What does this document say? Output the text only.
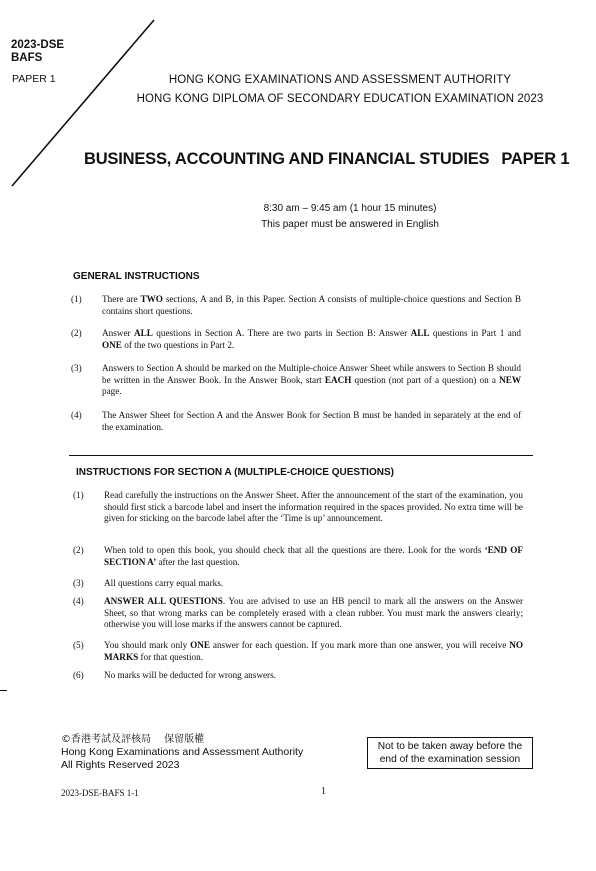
2023-DSE
BAFS
PAPER 1	HONG KONG EXAMINATIONS AND ASSESSMENT AUTHORITY
HONG KONG DIPLOMA OF SECONDARY EDUCATION EXAMINATION 2023
BUSINESS, ACCOUNTING AND FINANCIAL STUDIES PAPER 1
8:30 am – 9:45 am (1 hour 15 minutes)
This paper must be answered in English
GENERAL INSTRUCTIONS
(1) There are TWO sections, A and B, in this Paper. Section A consists of multiple-choice questions and Section B contains short questions.
(2) Answer ALL questions in Section A. There are two parts in Section B: Answer ALL questions in Part 1 and ONE of the two questions in Part 2.
(3) Answers to Section A should be marked on the Multiple-choice Answer Sheet while answers to Section B should be written in the Answer Book. In the Answer Book, start EACH question (not part of a question) on a NEW page.
(4) The Answer Sheet for Section A and the Answer Book for Section B must be handed in separately at the end of the examination.
INSTRUCTIONS FOR SECTION A (MULTIPLE-CHOICE QUESTIONS)
(1) Read carefully the instructions on the Answer Sheet. After the announcement of the start of the examination, you should first stick a barcode label and insert the information required in the spaces provided. No extra time will be given for sticking on the barcode label after the ‘Time is up’ announcement.
(2) When told to open this book, you should check that all the questions are there. Look for the words ‘END OF SECTION A’ after the last question.
(3) All questions carry equal marks.
(4) ANSWER ALL QUESTIONS. You are advised to use an HB pencil to mark all the answers on the Answer Sheet, so that wrong marks can be completely erased with a clean rubber. You must mark the answers clearly; otherwise you will lose marks if the answers cannot be captured.
(5) You should mark only ONE answer for each question. If you mark more than one answer, you will receive NO MARKS for that question.
(6) No marks will be deducted for wrong answers.
©香港考試及評核局　 保留版權
Hong Kong Examinations and Assessment Authority
All Rights Reserved 2023
Not to be taken away before the
end of the examination session
2023-DSE-BAFS 1-1	1
